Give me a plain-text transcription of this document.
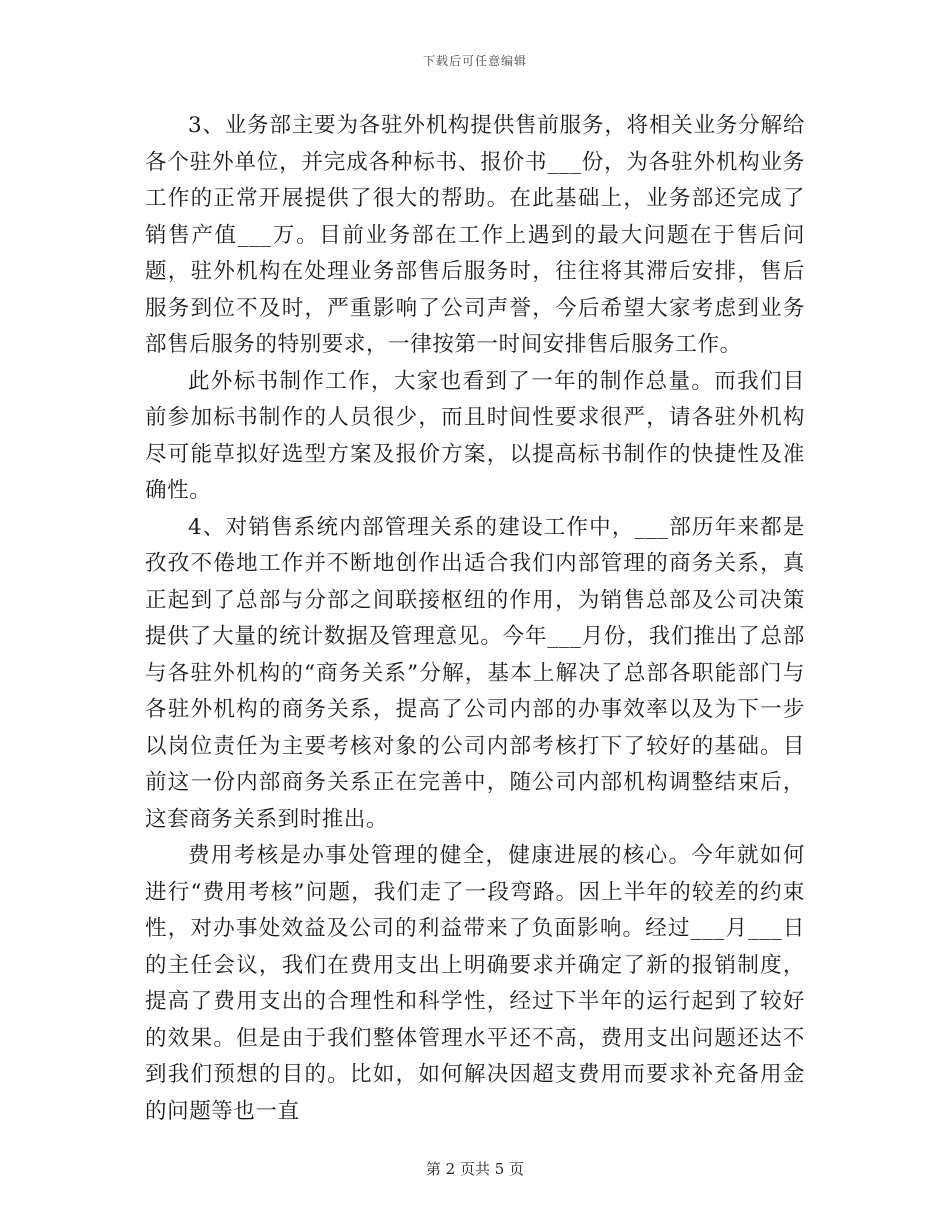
下载后可任意编辑

3、业务部主要为各驻外机构提供售前服务，将相关业务分解给各个驻外单位，并完成各种标书、报价书___份，为各驻外机构业务工作的正常开展提供了很大的帮助。在此基础上，业务部还完成了销售产值___万。目前业务部在工作上遇到的最大问题在于售后问题，驻外机构在处理业务部售后服务时，往往将其滞后安排，售后服务到位不及时，严重影响了公司声誉，今后希望大家考虑到业务部售后服务的特别要求，一律按第一时间安排售后服务工作。

此外标书制作工作，大家也看到了一年的制作总量。而我们目前参加标书制作的人员很少，而且时间性要求很严，请各驻外机构尽可能草拟好选型方案及报价方案，以提高标书制作的快捷性及准确性。

4、对销售系统内部管理关系的建设工作中，___部历年来都是孜孜不倦地工作并不断地创作出适合我们内部管理的商务关系，真正起到了总部与分部之间联接枢纽的作用，为销售总部及公司决策提供了大量的统计数据及管理意见。今年___月份，我们推出了总部与各驻外机构的“商务关系”分解，基本上解决了总部各职能部门与各驻外机构的商务关系，提高了公司内部的办事效率以及为下一步以岗位责任为主要考核对象的公司内部考核打下了较好的基础。目前这一份内部商务关系正在完善中，随公司内部机构调整结束后，这套商务关系到时推出。

费用考核是办事处管理的健全，健康进展的核心。今年就如何进行“费用考核”问题，我们走了一段弯路。因上半年的较差的约束性，对办事处效益及公司的利益带来了负面影响。经过___月___日的主任会议，我们在费用支出上明确要求并确定了新的报销制度，提高了费用支出的合理性和科学性，经过下半年的运行起到了较好的效果。但是由于我们整体管理水平还不高，费用支出问题还达不到我们预想的目的。比如，如何解决因超支费用而要求补充备用金的问题等也一直

第 2 页共 5 页
